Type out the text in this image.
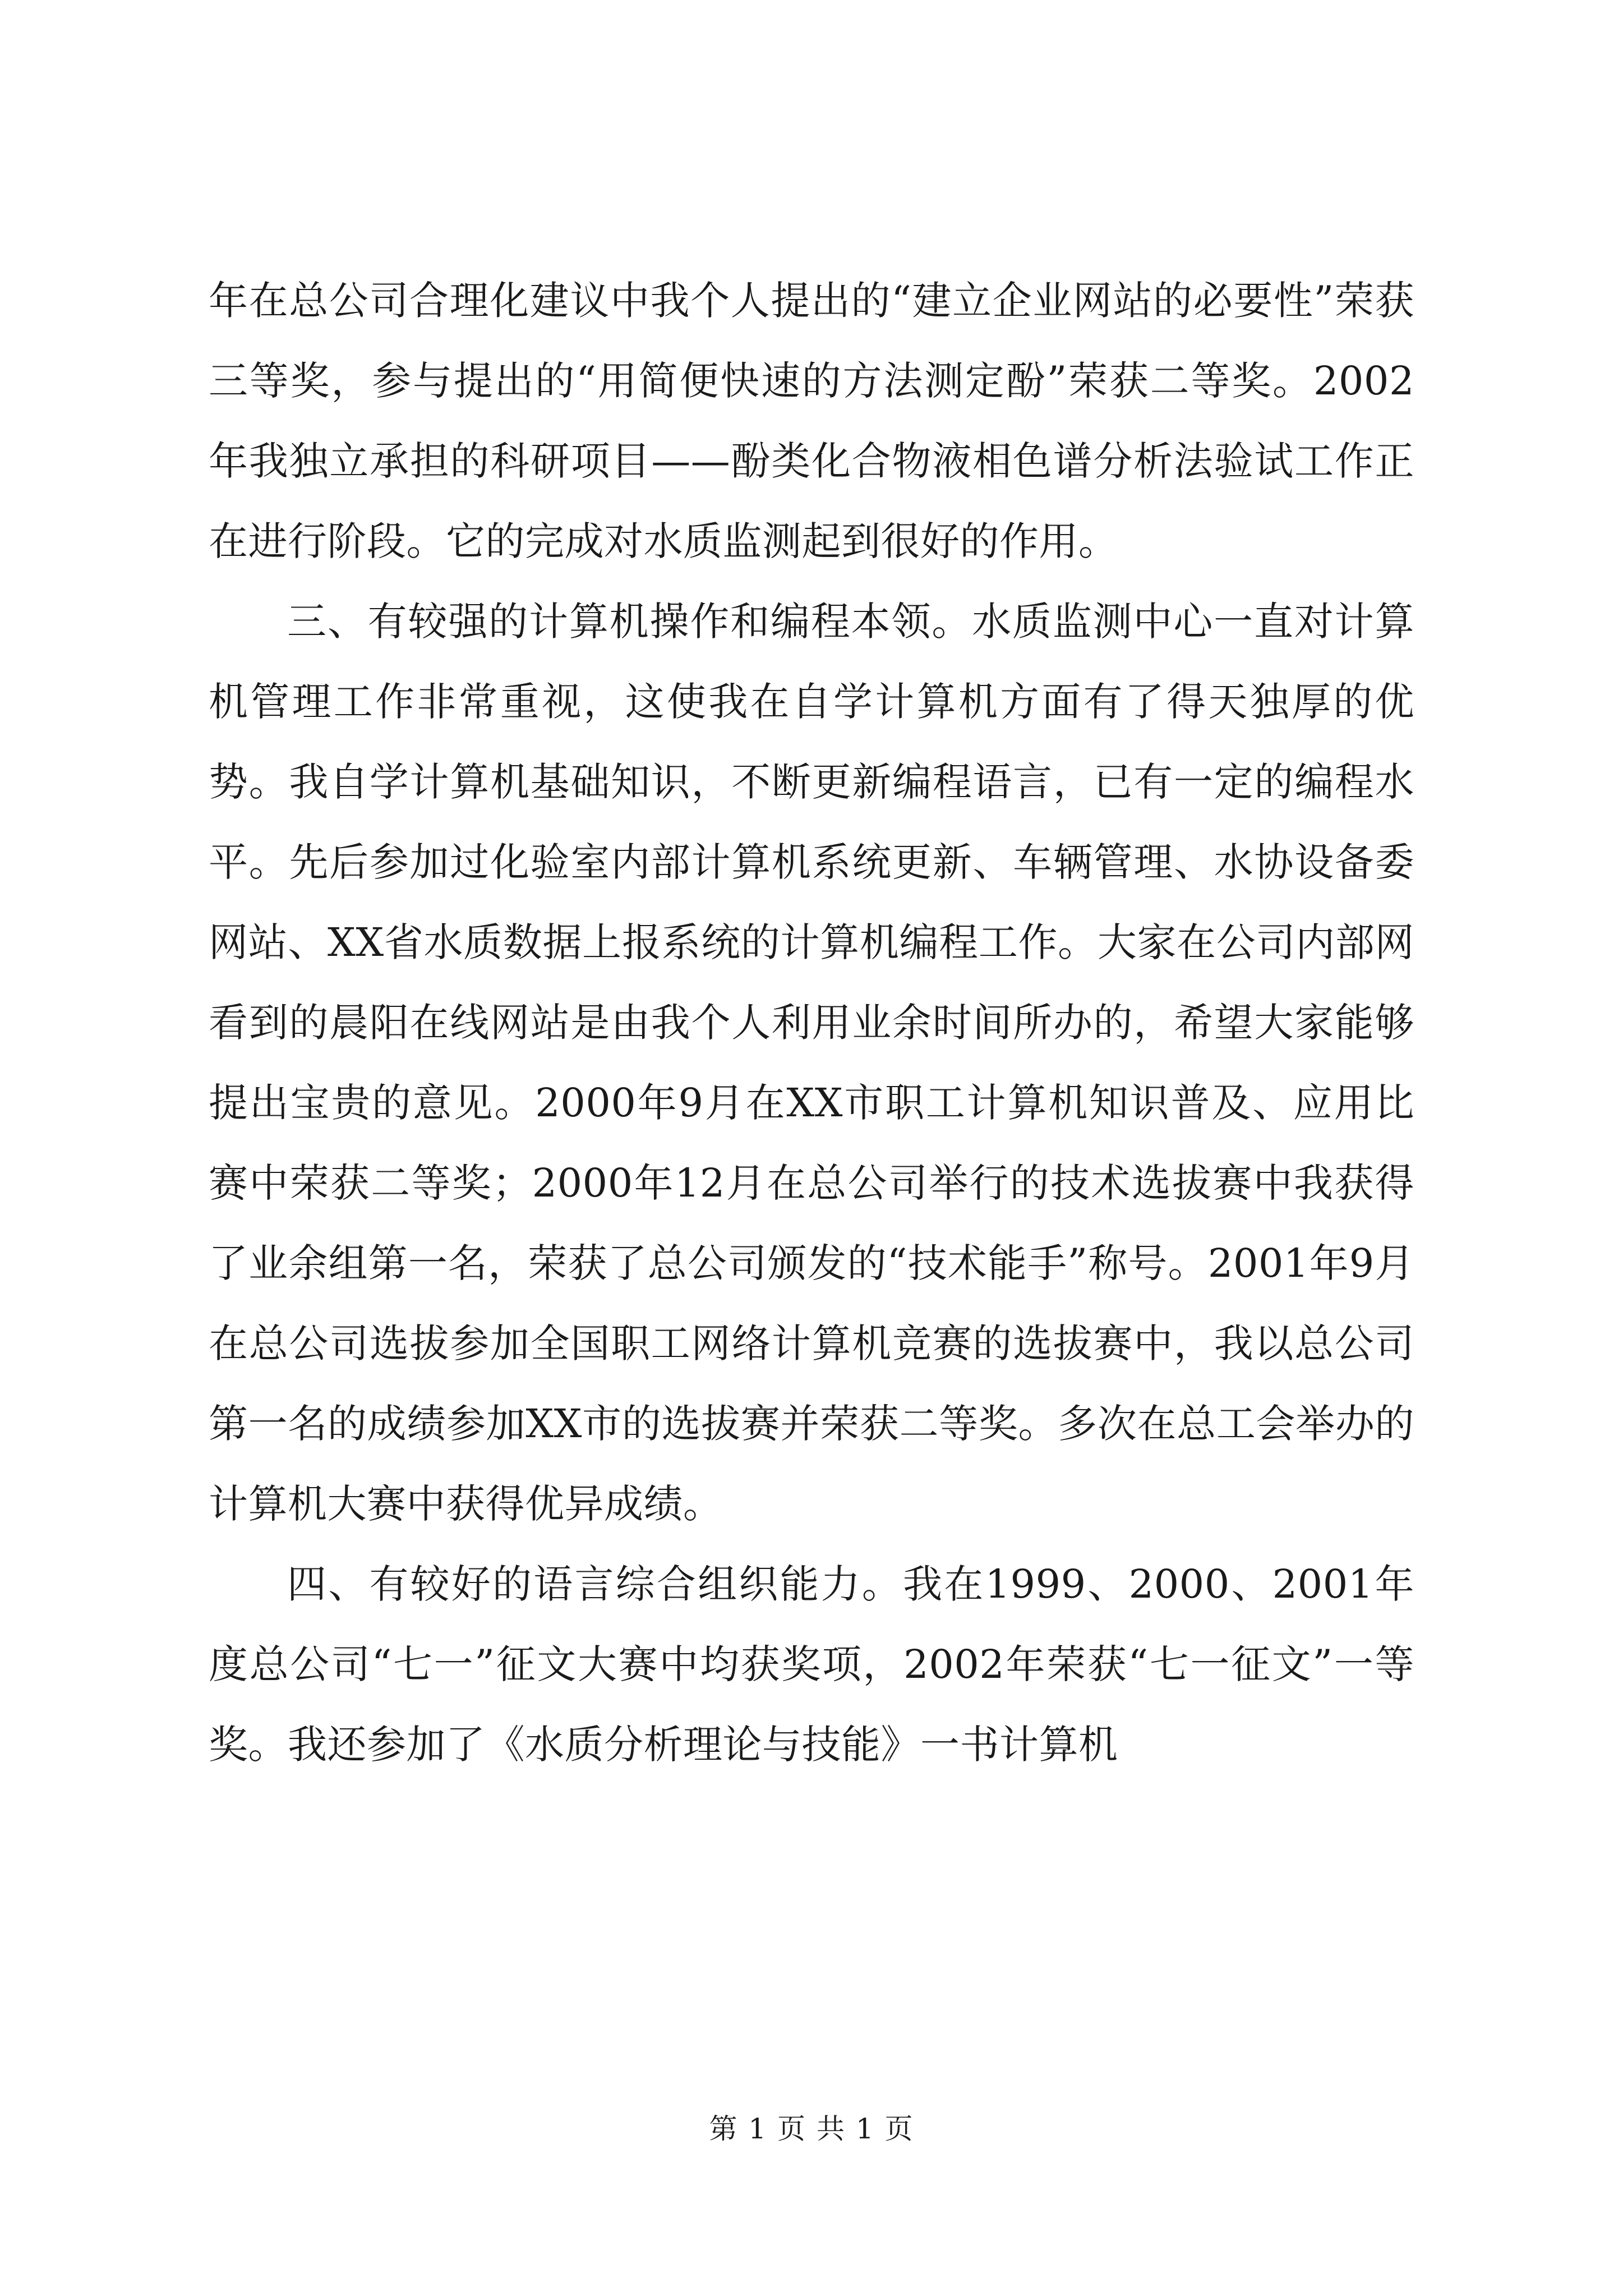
年在总公司合理化建议中我个人提出的“建立企业网站的必要性”荣获三等奖，参与提出的“用简便快速的方法测定酚”荣获二等奖。2002年我独立承担的科研项目——酚类化合物液相色谱分析法验试工作正在进行阶段。它的完成对水质监测起到很好的作用。

三、有较强的计算机操作和编程本领。水质监测中心一直对计算机管理工作非常重视，这使我在自学计算机方面有了得天独厚的优势。我自学计算机基础知识，不断更新编程语言，已有一定的编程水平。先后参加过化验室内部计算机系统更新、车辆管理、水协设备委网站、XX省水质数据上报系统的计算机编程工作。大家在公司内部网看到的晨阳在线网站是由我个人利用业余时间所办的，希望大家能够提出宝贵的意见。2000年9月在XX市职工计算机知识普及、应用比赛中荣获二等奖；2000年12月在总公司举行的技术选拔赛中我获得了业余组第一名，荣获了总公司颁发的“技术能手”称号。2001年9月在总公司选拔参加全国职工网络计算机竞赛的选拔赛中，我以总公司第一名的成绩参加XX市的选拔赛并荣获二等奖。多次在总工会举办的计算机大赛中获得优异成绩。

四、有较好的语言综合组织能力。我在1999、2000、2001年度总公司“七一”征文大赛中均获奖项，2002年荣获“七一征文”一等奖。我还参加了《水质分析理论与技能》一书计算机

第 1 页 共 1 页
